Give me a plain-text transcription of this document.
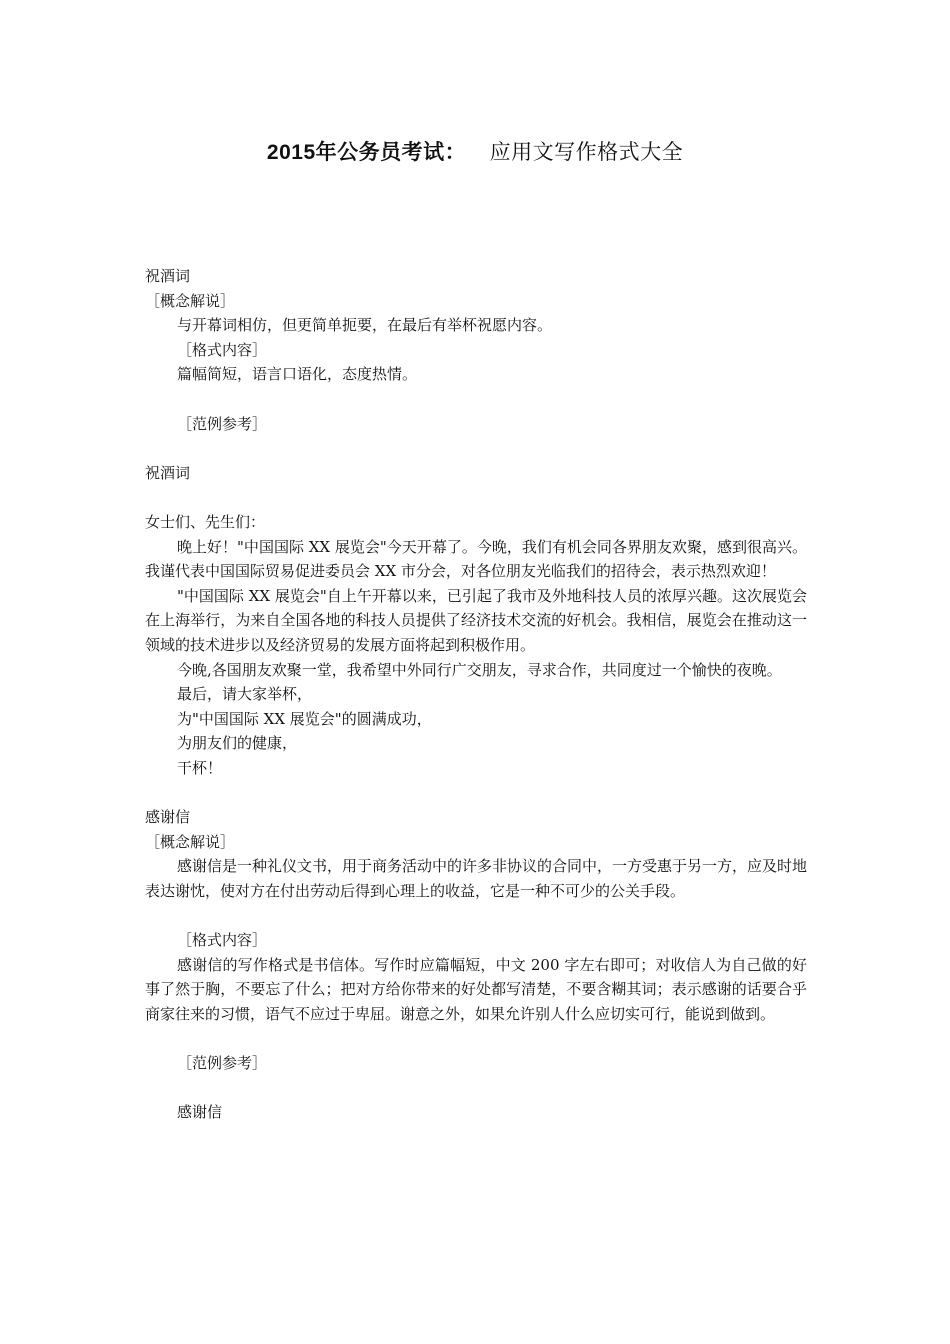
2015年公务员考试： 应用文写作格式大全
祝酒词
［概念解说］
与开幕词相仿，但更简单扼要，在最后有举杯祝愿内容。
［格式内容］
篇幅简短，语言口语化，态度热情。
［范例参考］
祝酒词
女士们、先生们：
晚上好！"中国国际 XX 展览会"今天开幕了。今晚，我们有机会同各界朋友欢聚，感到很高兴。我谨代表中国国际贸易促进委员会 XX 市分会，对各位朋友光临我们的招待会，表示热烈欢迎！
"中国国际 XX 展览会"自上午开幕以来，已引起了我市及外地科技人员的浓厚兴趣。这次展览会在上海举行，为来自全国各地的科技人员提供了经济技术交流的好机会。我相信，展览会在推动这一领域的技术进步以及经济贸易的发展方面将起到积极作用。
今晚,各国朋友欢聚一堂，我希望中外同行广交朋友，寻求合作，共同度过一个愉快的夜晚。
最后，请大家举杯，
为"中国国际 XX 展览会"的圆满成功，
为朋友们的健康，
干杯！
感谢信
［概念解说］
感谢信是一种礼仪文书，用于商务活动中的许多非协议的合同中，一方受惠于另一方，应及时地表达谢忱，使对方在付出劳动后得到心理上的收益，它是一种不可少的公关手段。
［格式内容］
感谢信的写作格式是书信体。写作时应篇幅短，中文 200 字左右即可；对收信人为自己做的好事了然于胸，不要忘了什么；把对方给你带来的好处都写清楚，不要含糊其词；表示感谢的话要合乎商家往来的习惯，语气不应过于卑屈。谢意之外，如果允许别人什么应切实可行，能说到做到。
［范例参考］
感谢信
